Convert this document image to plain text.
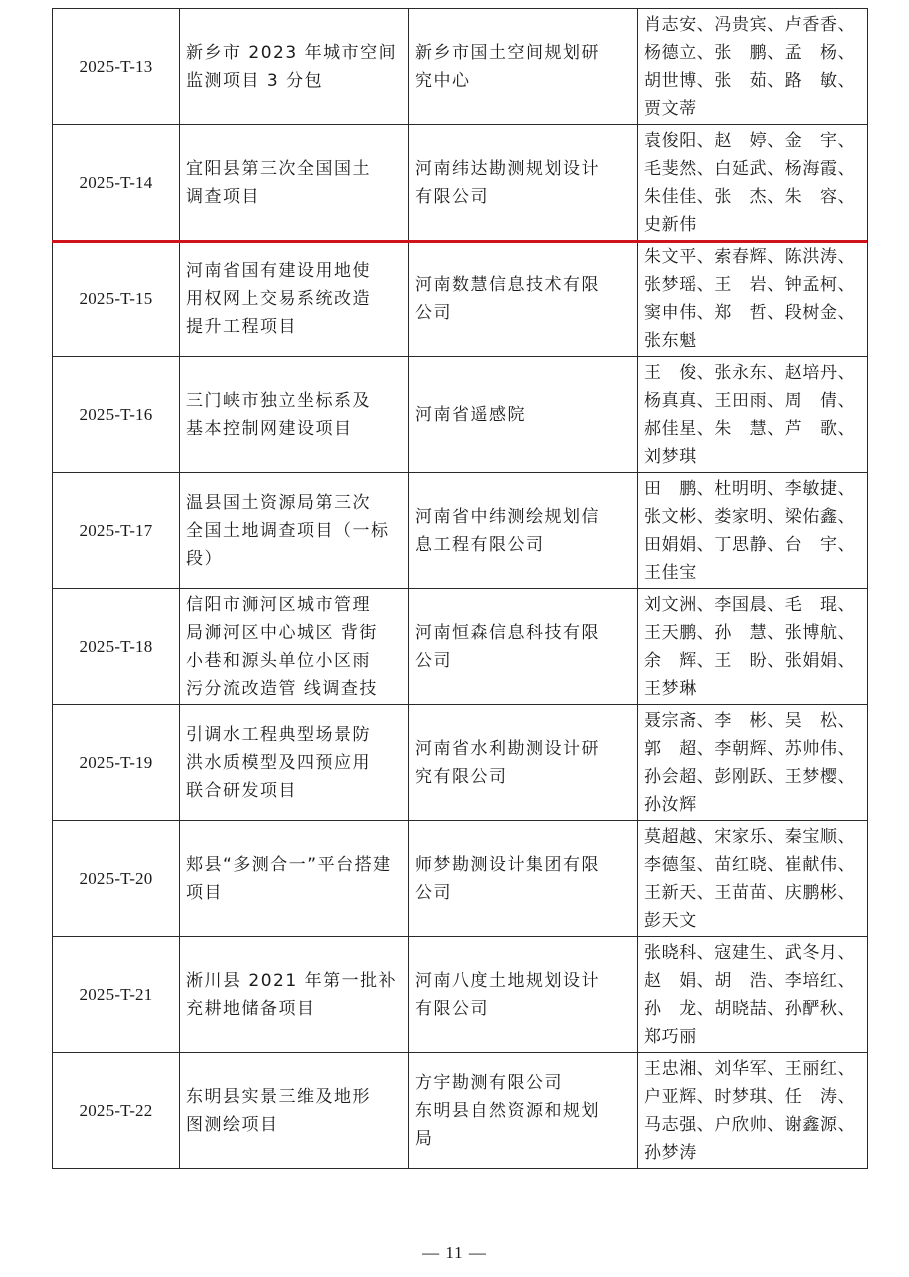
2025-T-13	新乡市 2023 年城市空间
监测项目 3 分包	新乡市国土空间规划研
究中心	肖志安、冯贵宾、卢香香、
杨德立、张　鹏、孟　杨、
胡世博、张　茹、路　敏、
贾文蒂

2025-T-14	宜阳县第三次全国国土
调查项目	河南纬达勘测规划设计
有限公司	袁俊阳、赵　婷、金　宇、
毛斐然、白延武、杨海霞、
朱佳佳、张　杰、朱　容、
史新伟

2025-T-15	河南省国有建设用地使
用权网上交易系统改造
提升工程项目	河南数慧信息技术有限
公司	朱文平、索春辉、陈洪涛、
张梦瑶、王　岩、钟孟柯、
窦申伟、郑　哲、段树金、
张东魁

2025-T-16	三门峡市独立坐标系及
基本控制网建设项目	河南省遥感院	王　俊、张永东、赵培丹、
杨真真、王田雨、周　倩、
郝佳星、朱　慧、芦　歌、
刘梦琪

2025-T-17	温县国土资源局第三次
全国土地调查项目（一标
段）	河南省中纬测绘规划信
息工程有限公司	田　鹏、杜明明、李敏捷、
张文彬、娄家明、梁佑鑫、
田娟娟、丁思静、台　宇、
王佳宝

2025-T-18	信阳市浉河区城市管理
局浉河区中心城区 背街
小巷和源头单位小区雨
污分流改造管 线调查技	河南恒森信息科技有限
公司	刘文洲、李国晨、毛　琨、
王天鹏、孙　慧、张博航、
余　辉、王　盼、张娟娟、
王梦琳

2025-T-19	引调水工程典型场景防
洪水质模型及四预应用
联合研发项目	河南省水利勘测设计研
究有限公司	聂宗斋、李　彬、吴　松、
郭　超、李朝辉、苏帅伟、
孙会超、彭刚跃、王梦樱、
孙汝辉

2025-T-20	郏县“多测合一”平台搭建
项目	师梦勘测设计集团有限
公司	莫超越、宋家乐、秦宝顺、
李德玺、苗红晓、崔献伟、
王新天、王苗苗、庆鹏彬、
彭天文

2025-T-21	淅川县 2021 年第一批补
充耕地储备项目	河南八度土地规划设计
有限公司	张晓科、寇建生、武冬月、
赵　娟、胡　浩、李培红、
孙　龙、胡晓喆、孙酽秋、
郑巧丽

2025-T-22	东明县实景三维及地形
图测绘项目	方宇勘测有限公司
东明县自然资源和规划
局	王忠湘、刘华军、王丽红、
户亚辉、时梦琪、任　涛、
马志强、户欣帅、谢鑫源、
孙梦涛
— 11 —
